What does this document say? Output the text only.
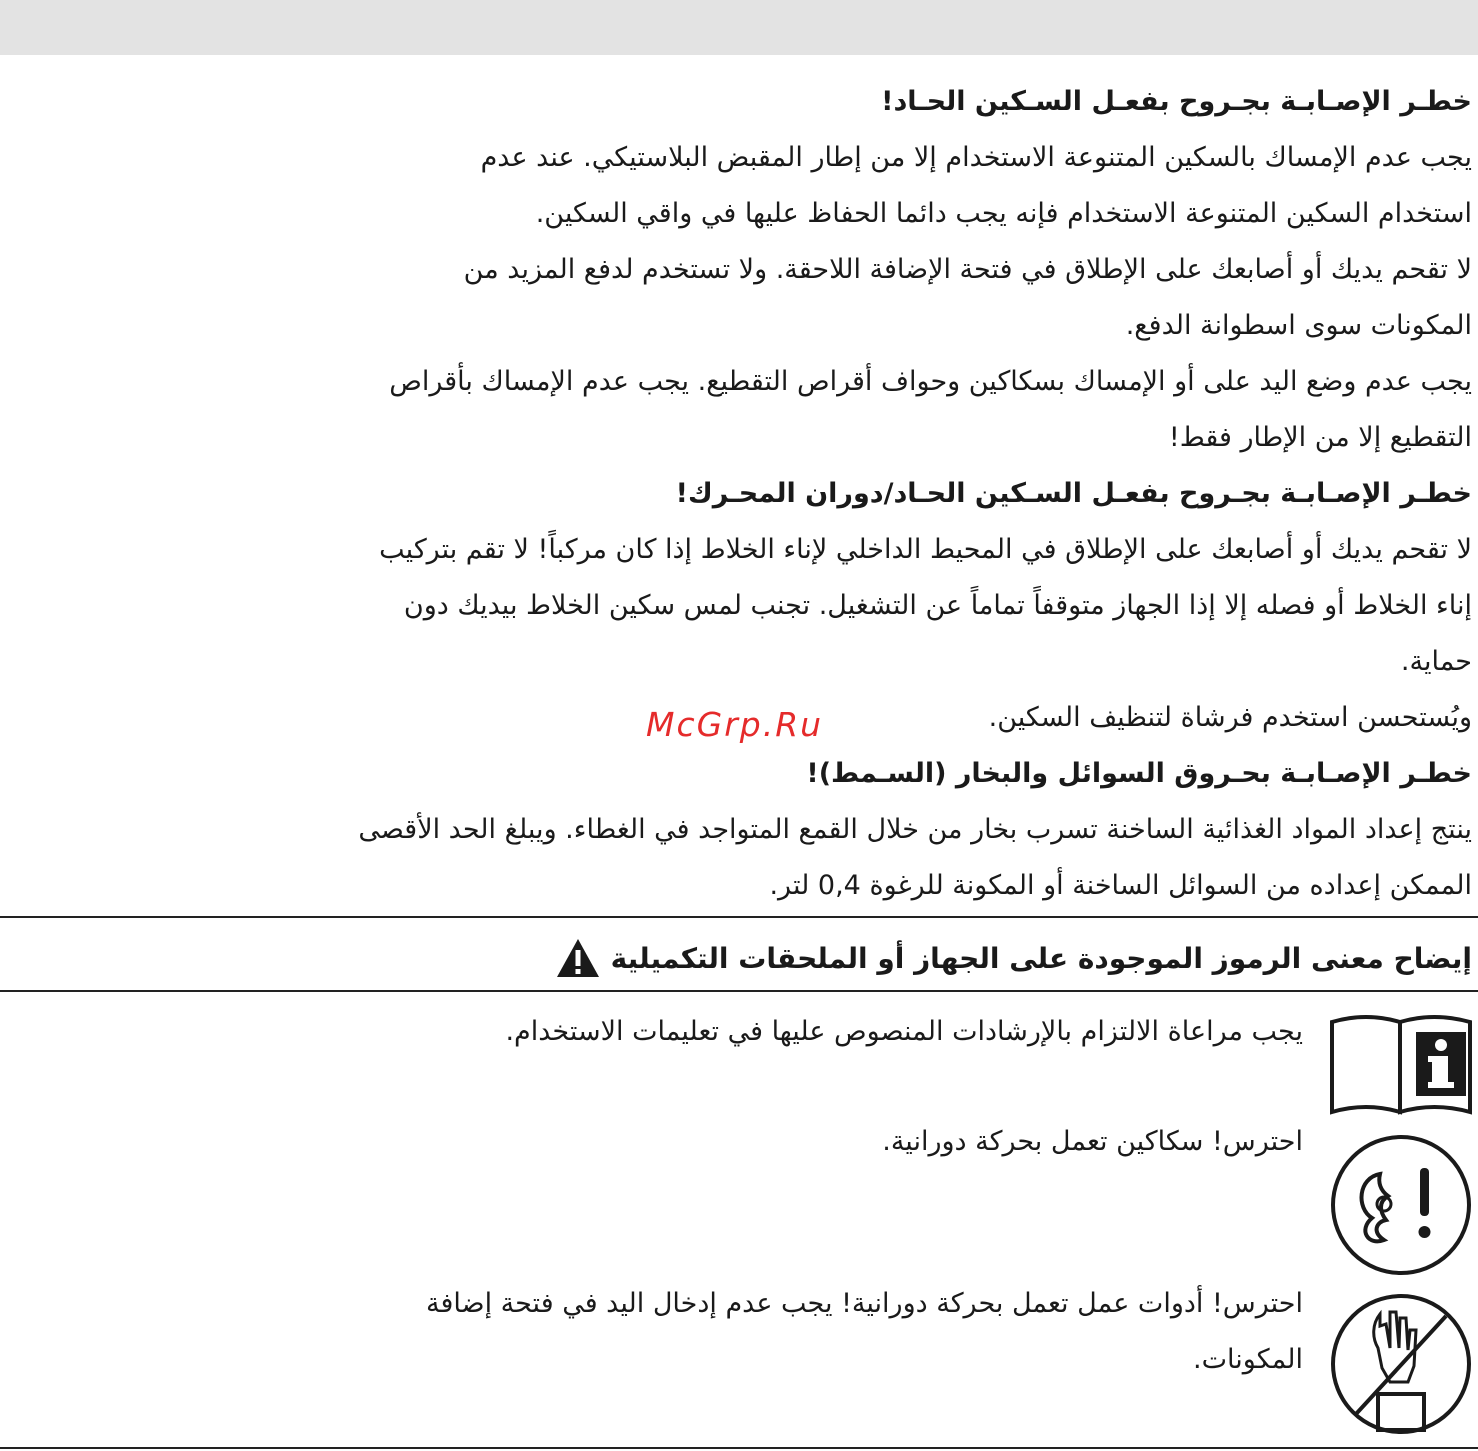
خطـر الإصـابـة بجـروح بفعـل السـكين الحـاد!
يجب عدم الإمساك بالسكين المتنوعة الاستخدام إلا من إطار المقبض البلاستيكي. عند عدم
استخدام السكين المتنوعة الاستخدام فإنه يجب دائما الحفاظ عليها في واقي السكين.
لا تقحم يديك أو أصابعك على الإطلاق في فتحة الإضافة اللاحقة. ولا تستخدم لدفع المزيد من
المكونات سوى اسطوانة الدفع.
يجب عدم وضع اليد على أو الإمساك بسكاكين وحواف أقراص التقطيع. يجب عدم الإمساك بأقراص
التقطيع إلا من الإطار فقط!
خطـر الإصـابـة بجـروح بفعـل السـكين الحـاد/دوران المحـرك!
لا تقحم يديك أو أصابعك على الإطلاق في المحيط الداخلي لإناء الخلاط إذا كان مركباً! لا تقم بتركيب
إناء الخلاط أو فصله إلا إذا الجهاز متوقفاً تماماً عن التشغيل. تجنب لمس سكين الخلاط بيديك دون
حماية.
ويُستحسن استخدم فرشاة لتنظيف السكين.
خطـر الإصـابـة بحـروق السوائل والبخار (السـمط)!
ينتج إعداد المواد الغذائية الساخنة تسرب بخار من خلال القمع المتواجد في الغطاء. ويبلغ الحد الأقصى
الممكن إعداده من السوائل الساخنة أو المكونة للرغوة 0,4 لتر.
McGrp.Ru
إيضاح معنى الرموز الموجودة على الجهاز أو الملحقات التكميلية
يجب مراعاة الالتزام بالإرشادات المنصوص عليها في تعليمات الاستخدام.
احترس! سكاكين تعمل بحركة دورانية.
احترس! أدوات عمل تعمل بحركة دورانية! يجب عدم إدخال اليد في فتحة إضافة
المكونات.
